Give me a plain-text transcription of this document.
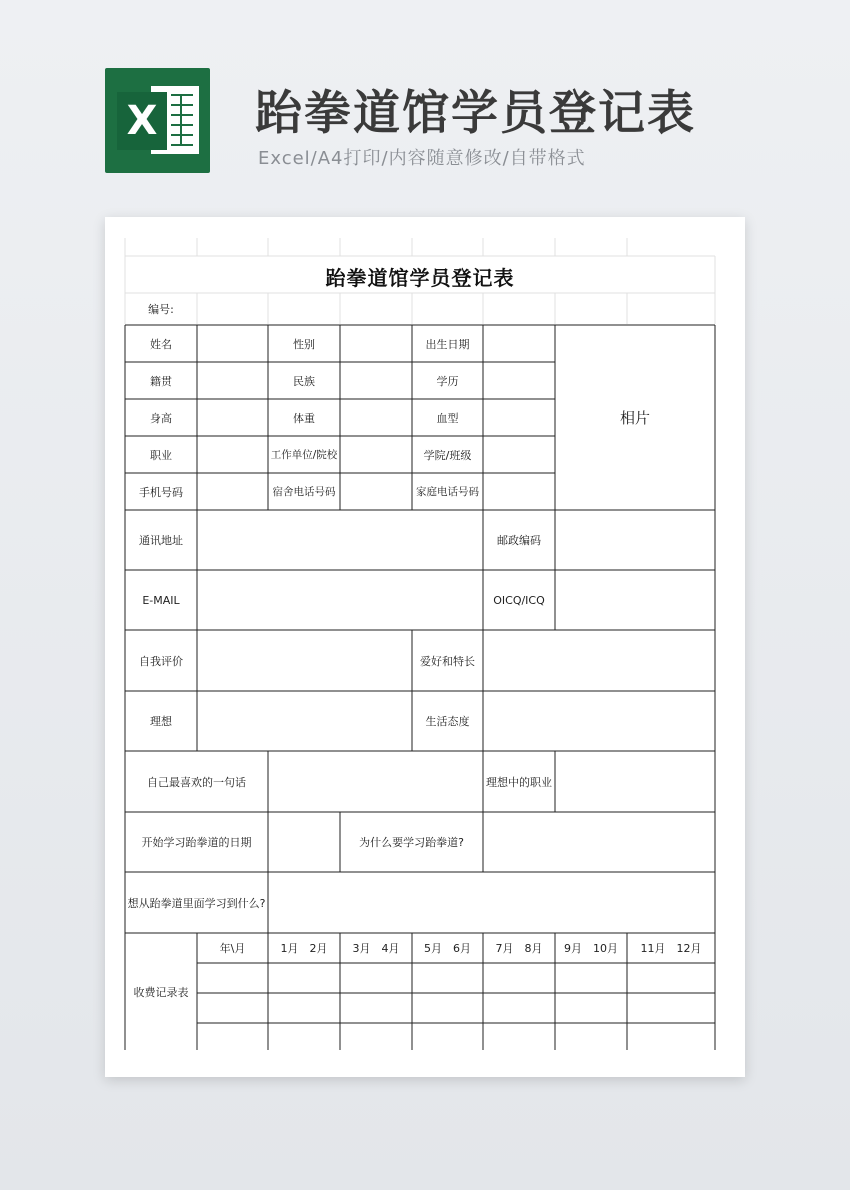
X 跆拳道馆学员登记表
Excel/A4打印/内容随意修改/自带格式
跆拳道馆学员登记表
编号:
姓名	性别	出生日期
相片
籍贯	民族	学历
身高	体重	血型
职业	工作单位/院校	学院/班级
手机号码	宿舍电话号码	家庭电话号码
通讯地址	邮政编码
E-MAIL	OICQ/ICQ
自我评价	爱好和特长
理想	生活态度
自己最喜欢的一句话	理想中的职业
开始学习跆拳道的日期	为什么要学习跆拳道?
想从跆拳道里面学习到什么?
收费记录表
年\月	1月　2月	3月　4月	5月　6月	7月　8月	9月　10月	11月　12月
